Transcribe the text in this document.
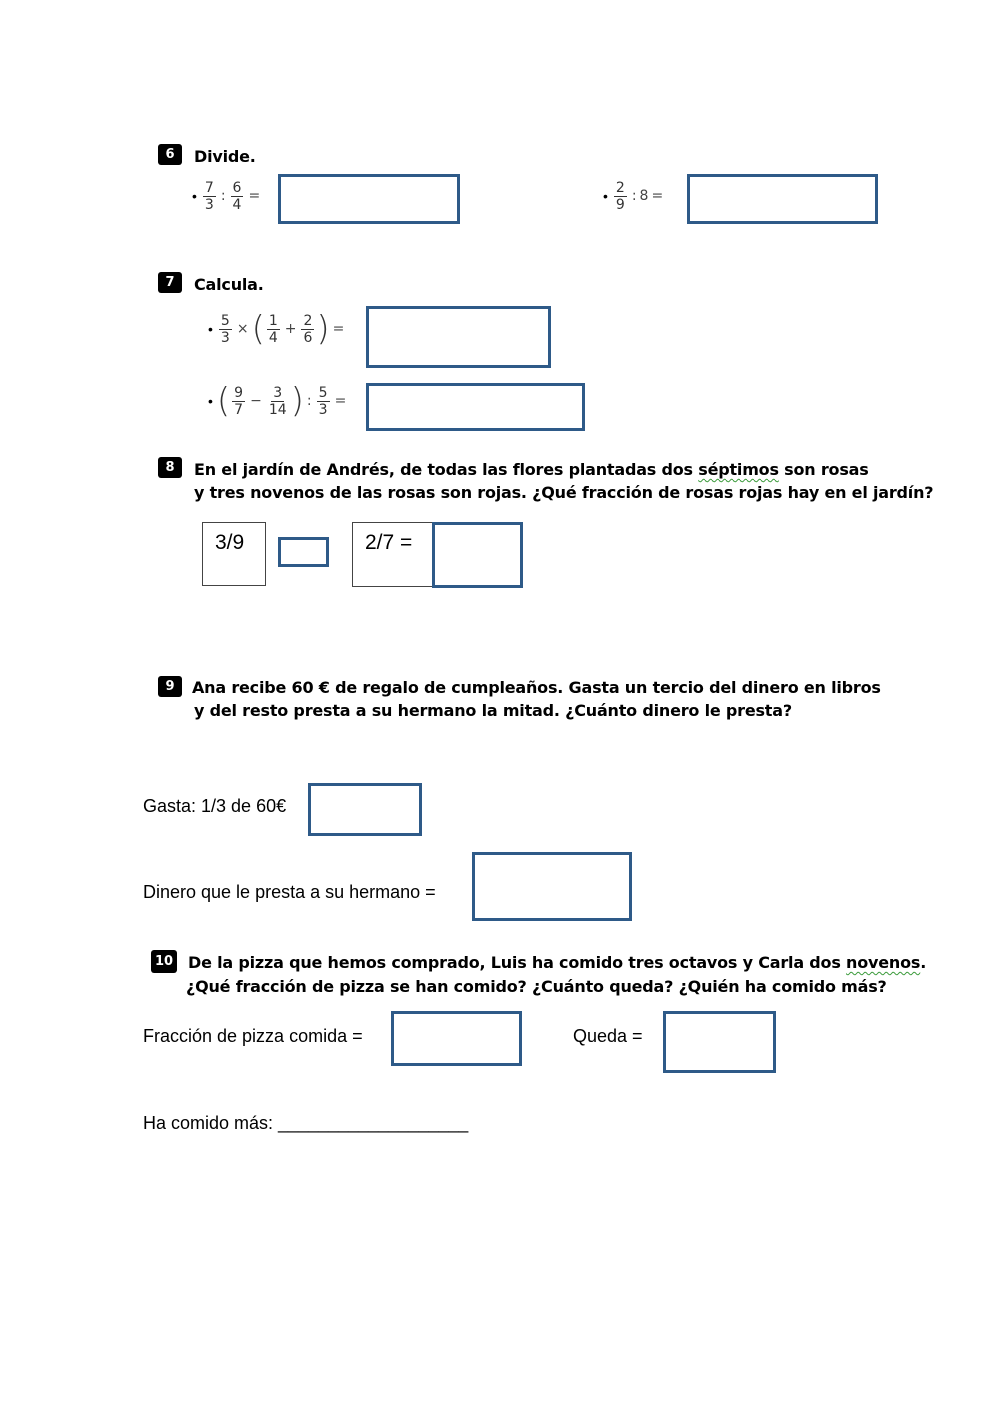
6	Divide.
• $\frac{7}{3}$ : $\frac{6}{4}$ =	• $\frac{2}{9}$ : 8 =
7	Calcula.
• $\frac{5}{3}$ × ( $\frac{1}{4} + \frac{2}{6}$ ) =
• ( $\frac{9}{7} - \frac{3}{14}$ ) : $\frac{5}{3}$ =
8	En el jardín de Andrés, de todas las flores plantadas dos séptimos son rosas
y tres novenos de las rosas son rojas. ¿Qué fracción de rosas rojas hay en el jardín?
3/9	2/7 =
9	Ana recibe 60 € de regalo de cumpleaños. Gasta un tercio del dinero en libros
y del resto presta a su hermano la mitad. ¿Cuánto dinero le presta?
Gasta: 1/3 de 60€
Dinero que le presta a su hermano =
10 De la pizza que hemos comprado, Luis ha comido tres octavos y Carla dos novenos.
¿Qué fracción de pizza se han comido? ¿Cuánto queda? ¿Quién ha comido más?
Fracción de pizza comida =	Queda =
Ha comido más: ___________________
